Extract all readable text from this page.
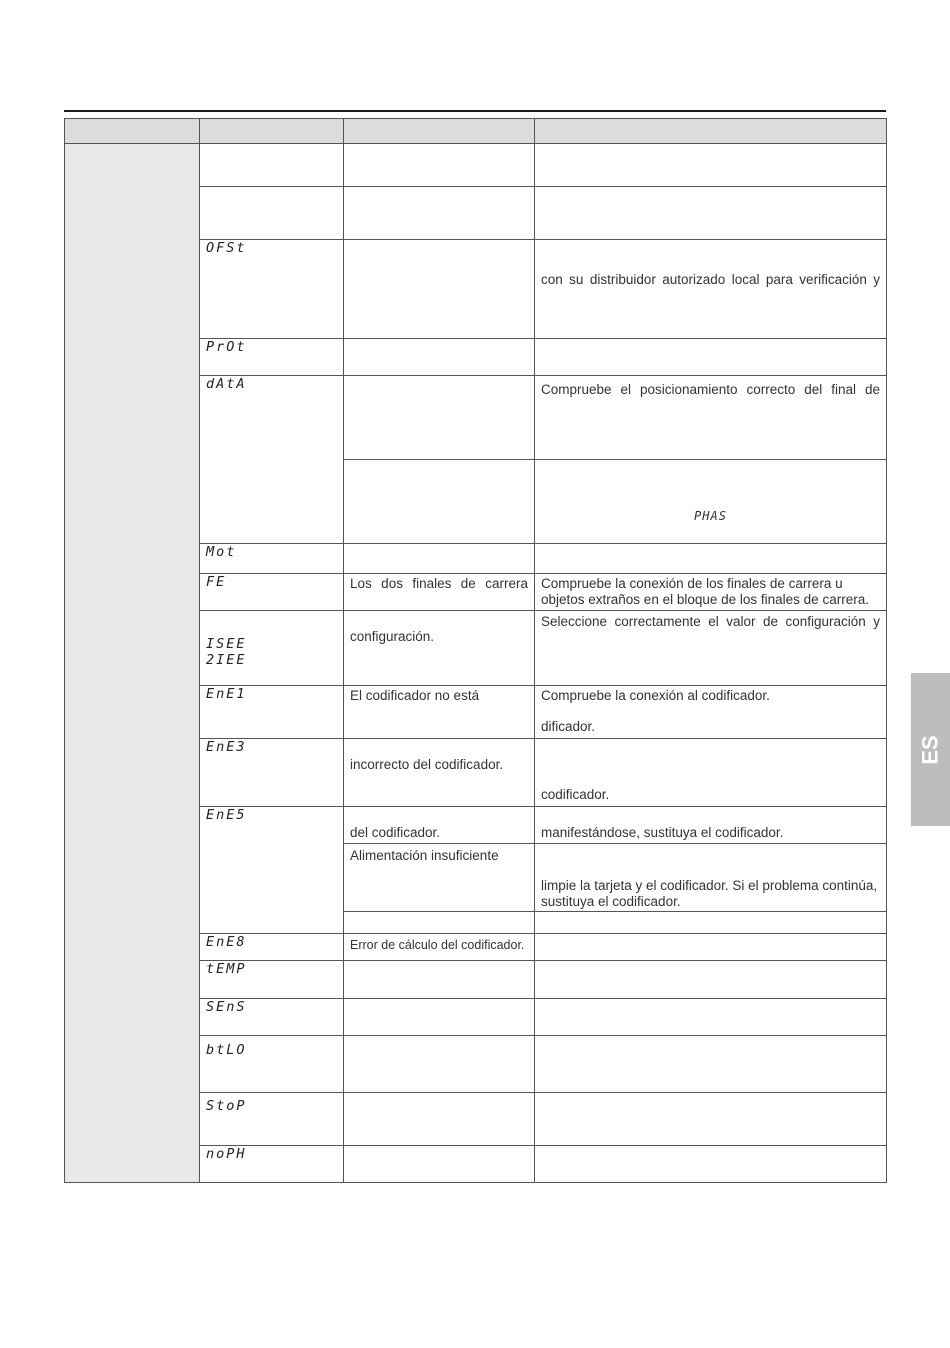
	OFSt		con su distribuidor autorizado local para verificación y

	PrOt		
	dAtA		Compruebe el posicionamiento correcto del final de

			PHAS

	Mot		
	FE	Los dos finales de carrera	Compruebe la conexión de los finales de carrera u objetos extraños en el bloque de los finales de carrera.

	ISEE
2IEE	configuración.	Seleccione correctamente el valor de configuración y

	EnE1	El codificador no está	Compruebe la conexión al codificador.
dificador.

	EnE3	incorrecto del codificador.	codificador.

	EnE5	del codificador.	manifestándose, sustituya el codificador.

		Alimentación insuficiente	limpie la tarjeta y el codificador. Si el problema continúa, sustituya el codificador.

	EnE8	Error de cálculo del codificador.	

	tEMP		
	SEnS		

	btLO		

	StoP		

	noPH		
ES
